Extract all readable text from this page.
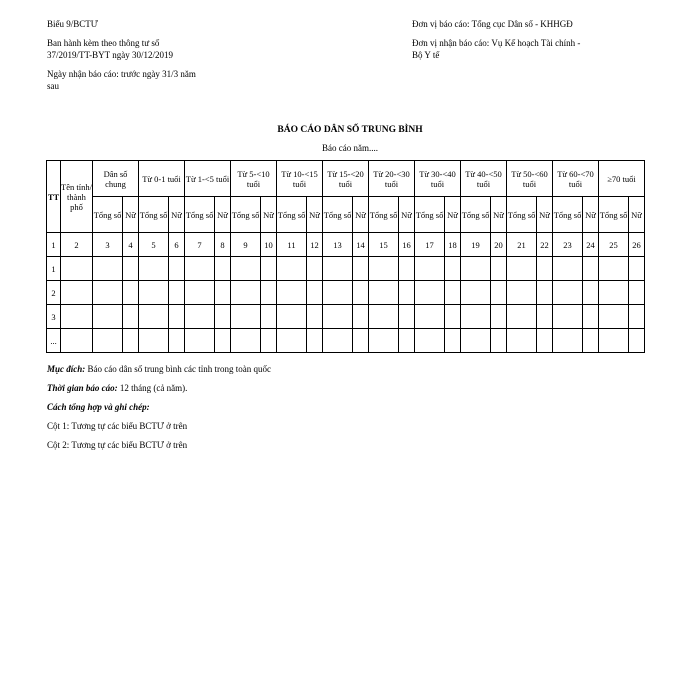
Biểu 9/BCTƯ
Ban hành kèm theo thông tư số
37/2019/TT-BYT ngày 30/12/2019
Ngày nhận báo cáo: trước ngày 31/3 năm
sau
Đơn vị báo cáo: Tổng cục Dân số - KHHGĐ
Đơn vị nhận báo cáo: Vụ Kế hoạch Tài chính - Bộ Y tế
BÁO CÁO DÂN SỐ TRUNG BÌNH
Báo cáo năm....
TT	Tên tỉnh/ thành phố	Dân số chung		Từ 0-1 tuổi		Từ 1-<5 tuổi		Từ 5-<10 tuổi		Từ 10-<15 tuổi		Từ 15-<20 tuổi		Từ 20-<30 tuổi		Từ 30-<40 tuổi		Từ 40-<50 tuổi		Từ 50-<60 tuổi		Từ 60-<70 tuổi		≥70 tuổi	
		Tổng số	Nữ	Tổng số	Nữ	Tổng số	Nữ	Tổng số	Nữ	Tổng số	Nữ	Tổng số	Nữ	Tổng số	Nữ	Tổng số	Nữ	Tổng số	Nữ	Tổng số	Nữ	Tổng số	Nữ	Tổng số	Nữ
1	2	3	4	5	6	7	8	9	10	11	12	13	14	15	16	17	18	19	20	21	22	23	24	25	26
1																									
2																									
3																									
...																									
Mục đích: Báo cáo dân số trung bình các tỉnh trong toàn quốc
Thời gian báo cáo: 12 tháng (cả năm).
Cách tổng hợp và ghi chép:
Cột 1: Tương tự các biểu BCTƯ ở trên
Cột 2: Tương tự các biểu BCTƯ ở trên
